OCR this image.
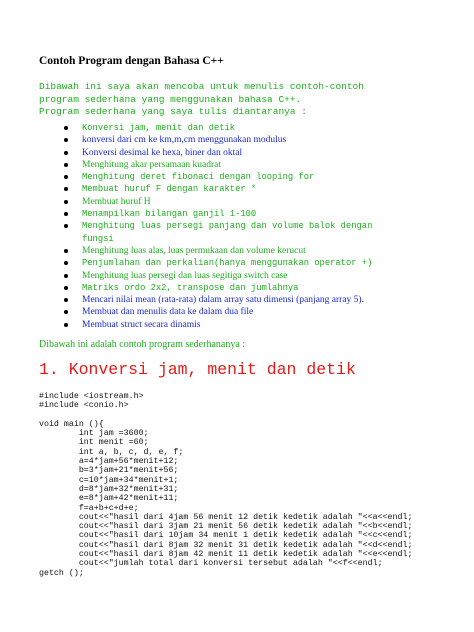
Contoh Program dengan Bahasa C++
Dibawah ini saya akan mencoba untuk menulis contoh-contoh
program sederhana yang menggunakan bahasa C++.
Program sederhana yang saya tulis diantaranya :
Konversi jam, menit dan detik
konversi dari cm ke km,m,cm menggunakan modulus
Konversi desimal ke hexa, biner dan oktal
Menghitung akar persamaan kuadrat
Menghitung deret fibonaci dengan looping for
Membuat huruf F dengan karakter *
Membuat huruf H
Menampilkan bilangan ganjil 1-100
Menghitung luas persegi panjang dan volume balok dengan
fungsi
Menghitung luas alas, luas permukaan dan volume kerucut
Penjumlahan dan perkalian(hanya menggunakan operator +)
Menghitung luas persegi dan luas segitiga switch case
Matriks ordo 2x2, transpose dan jumlahnya
Mencari nilai mean (rata-rata) dalam array satu dimensi (panjang array 5).
Membuat dan menulis data ke dalam dua file
Membuat struct secara dinamis
Dibawah ini adalah contoh program sederhananya :
1. Konversi jam, menit dan detik
#include <iostream.h>
#include <conio.h>
void main (){
int jam =3600;
int menit =60;
int a, b, c, d, e, f;
a=4*jam+56*menit+12;
b=3*jam+21*menit+56;
c=10*jam+34*menit+1;
d=8*jam+32*menit+31;
e=8*jam+42*menit+11;
f=a+b+c+d+e;
cout<<"hasil dari 4jam 56 menit 12 detik kedetik adalah "<<a<<endl;
cout<<"hasil dari 3jam 21 menit 56 detik kedetik adalah "<<b<<endl;
cout<<"hasil dari 10jam 34 menit 1 detik kedetik adalah "<<c<<endl;
cout<<"hasil dari 8jam 32 menit 31 detik kedetik adalah "<<d<<endl;
cout<<"hasil dari 8jam 42 menit 11 detik kedetik adalah "<<e<<endl;
cout<<"jumlah total dari konversi tersebut adalah "<<f<<endl;
getch ();
